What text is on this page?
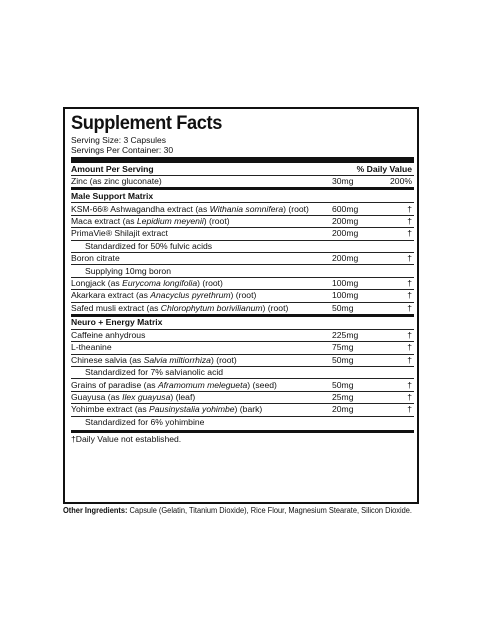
Supplement Facts
Serving Size: 3 Capsules
Servings Per Container: 30
Amount Per Serving	% Daily Value
Zinc (as zinc gluconate)	30mg	200%
Male Support Matrix
KSM-66® Ashwagandha extract (as Withania somnifera) (root)	600mg	†
Maca extract (as Lepidium meyenii) (root)	200mg	†
PrimaVie® Shilajit extract	200mg	†
Standardized for 50% fulvic acids
Boron citrate	200mg	†
Supplying 10mg boron
Longjack (as Eurycoma longifolia) (root)	100mg	†
Akarkara extract (as Anacyclus pyrethrum) (root)	100mg	†
Safed musli extract (as Chlorophytum borivilianum) (root)	50mg	†
Neuro + Energy Matrix
Caffeine anhydrous	225mg	†
L-theanine	75mg	†
Chinese salvia (as Salvia miltiorrhiza) (root)	50mg	†
Standardized for 7% salvianolic acid
Grains of paradise (as Aframomum melegueta) (seed)	50mg	†
Guayusa (as Ilex guayusa) (leaf)	25mg	†
Yohimbe extract (as Pausinystalia yohimbe) (bark)	20mg	†
Standardized for 6% yohimbine
†Daily Value not established.
Other Ingredients: Capsule (Gelatin, Titanium Dioxide), Rice Flour, Magnesium Stearate, Silicon Dioxide.
